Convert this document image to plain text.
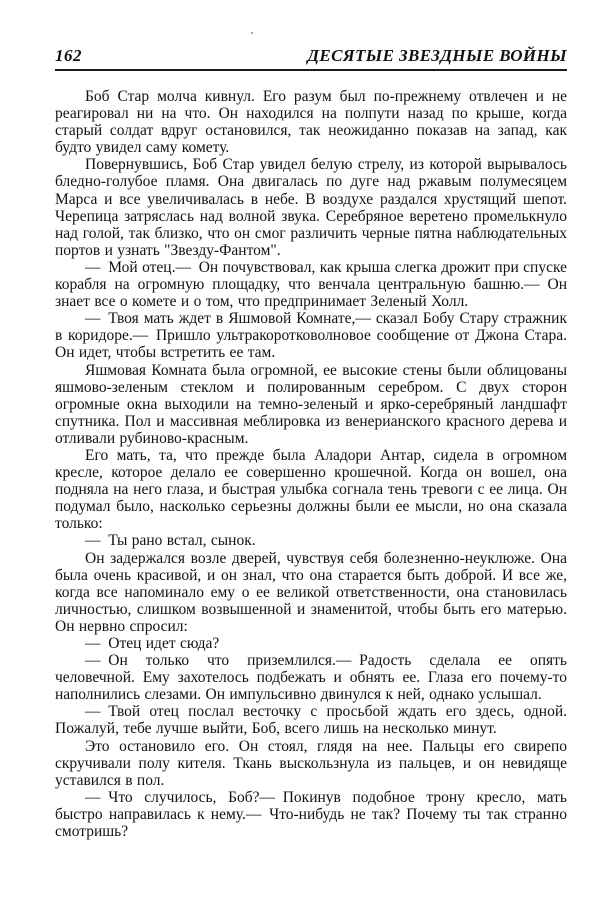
162	ДЕСЯТЫЕ ЗВЕЗДНЫЕ ВОЙНЫ

Боб Стар молча кивнул. Его разум был по-прежнему отвлечен и не реагировал ни на что. Он находился на полпути назад по крыше, когда старый солдат вдруг остановился, так неожиданно показав на запад, как будто увидел саму комету.

Повернувшись, Боб Стар увидел белую стрелу, из которой вырывалось бледно-голубое пламя. Она двигалась по дуге над ржавым полумесяцем Марса и все увеличивалась в небе. В воздухе раздался хрустящий шепот. Черепица затряслась над волной звука. Серебряное веретено промелькнуло над голой, так близко, что он смог различить черные пятна наблюдательных портов и узнать "Звезду-Фантом".

— Мой отец.— Он почувствовал, как крыша слегка дрожит при спуске корабля на огромную площадку, что венчала центральную башню.— Он знает все о комете и о том, что предпринимает Зеленый Холл.

— Твоя мать ждет в Яшмовой Комнате,— сказал Бобу Стару стражник в коридоре.— Пришло ультракоротковолновое сообщение от Джона Стара. Он идет, чтобы встретить ее там.

Яшмовая Комната была огромной, ее высокие стены были облицованы яшмово-зеленым стеклом и полированным серебром. С двух сторон огромные окна выходили на темно-зеленый и ярко-серебряный ландшафт спутника. Пол и массивная меблировка из венерианского красного дерева и отливали рубиново-красным.

Его мать, та, что прежде была Аладори Антар, сидела в огромном кресле, которое делало ее совершенно крошечной. Когда он вошел, она подняла на него глаза, и быстрая улыбка согнала тень тревоги с ее лица. Он подумал было, насколько серьезны должны были ее мысли, но она сказала только:

— Ты рано встал, сынок.

Он задержался возле дверей, чувствуя себя болезненно-неуклюже. Она была очень красивой, и он знал, что она старается быть доброй. И все же, когда все напоминало ему о ее великой ответственности, она становилась личностью, слишком возвышенной и знаменитой, чтобы быть его матерью. Он нервно спросил:

— Отец идет сюда?

— Он только что приземлился.— Радость сделала ее опять человечной. Ему захотелось подбежать и обнять ее. Глаза его почему-то наполнились слезами. Он импульсивно двинулся к ней, однако услышал.

— Твой отец послал весточку с просьбой ждать его здесь, одной. Пожалуй, тебе лучше выйти, Боб, всего лишь на несколько минут.

Это остановило его. Он стоял, глядя на нее. Пальцы его свирепо скручивали полу кителя. Ткань выскользнула из пальцев, и он невидяще уставился в пол.

— Что случилось, Боб?— Покинув подобное трону кресло, мать быстро направилась к нему.— Что-нибудь не так? Почему ты так странно смотришь?
